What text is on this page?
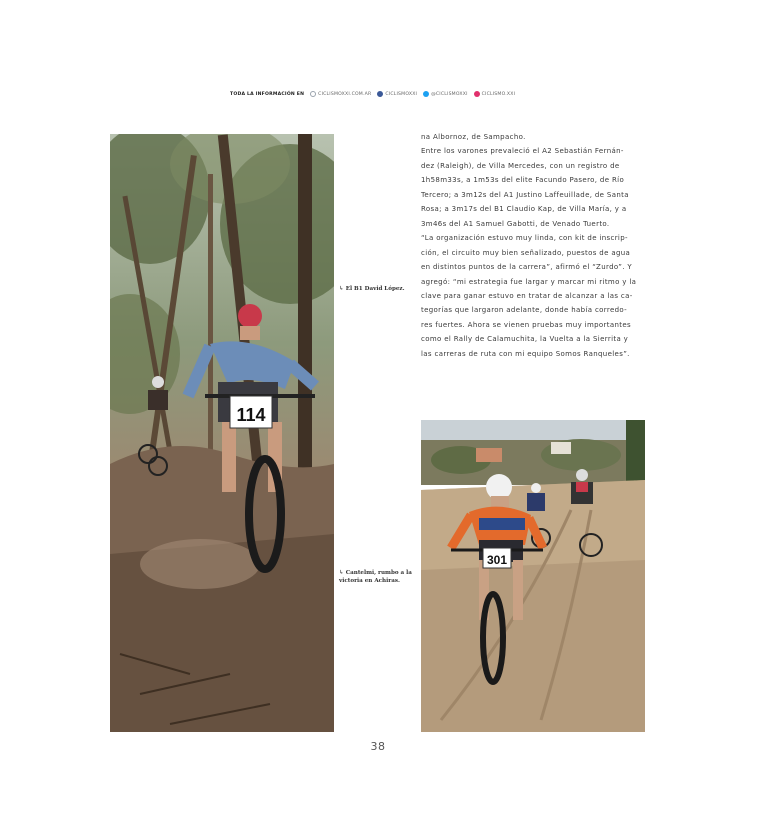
TODA LA INFORMACIÓN EN	CICLISMOXXI.COM.AR	CICLISMOXXI	@CICLISMOXXI	CICLISMO.XXI
114
301
↳ El B1 David López.
↳ Cantelmi, rumbo a la
victoria en Achiras.

na Albornoz, de Sampacho.

Entre los varones prevaleció el A2 Sebastián Fernán-

dez (Raleigh), de Villa Mercedes, con un registro de

1h58m33s, a 1m53s del elite Facundo Pasero, de Río

Tercero; a 3m12s del A1 Justino Laffeuillade, de Santa

Rosa; a 3m17s del B1 Claudio Kap, de Villa María, y a

3m46s del A1 Samuel Gabotti, de Venado Tuerto.

“La organización estuvo muy linda, con kit de inscrip-

ción, el circuito muy bien señalizado, puestos de agua

en distintos puntos de la carrera”, afirmó el “Zurdo”. Y

agregó: “mi estrategia fue largar y marcar mi ritmo y la

clave para ganar estuvo en tratar de alcanzar a las ca-

tegorías que largaron adelante, donde había corredo-

res fuertes. Ahora se vienen pruebas muy importantes

como el Rally de Calamuchita, la Vuelta a la Sierrita y

las carreras de ruta con mi equipo Somos Ranqueles”.

38
